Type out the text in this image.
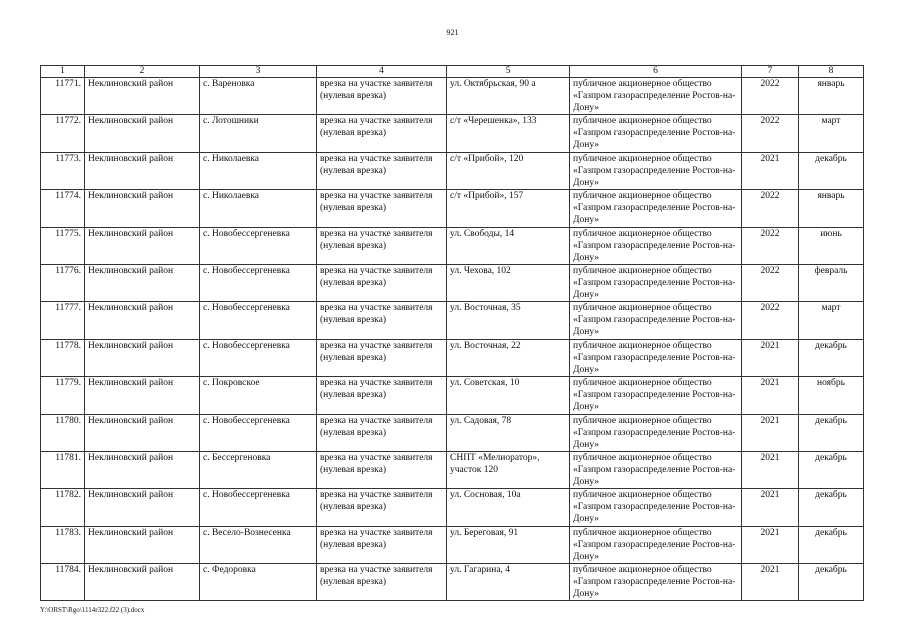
921
1	2	3	4	5	6	7	8
11771.	Неклиновский район	с. Вареновка	врезка на участке заявителя (нулевая врезка)	ул. Октябрьская, 90 а	публичное акционерное общество «Газпром газораспределение Ростов-на-Дону»	2022	январь
11772.	Неклиновский район	с. Лотошники	врезка на участке заявителя (нулевая врезка)	с/т «Черешенка», 133	публичное акционерное общество «Газпром газораспределение Ростов-на-Дону»	2022	март
11773.	Неклиновский район	с. Николаевка	врезка на участке заявителя (нулевая врезка)	с/т «Прибой», 120	публичное акционерное общество «Газпром газораспределение Ростов-на-Дону»	2021	декабрь
11774.	Неклиновский район	с. Николаевка	врезка на участке заявителя (нулевая врезка)	с/т «Прибой», 157	публичное акционерное общество «Газпром газораспределение Ростов-на-Дону»	2022	январь
11775.	Неклиновский район	с. Новобессергеневка	врезка на участке заявителя (нулевая врезка)	ул. Свободы, 14	публичное акционерное общество «Газпром газораспределение Ростов-на-Дону»	2022	июнь
11776.	Неклиновский район	с. Новобессергеневка	врезка на участке заявителя (нулевая врезка)	ул. Чехова, 102	публичное акционерное общество «Газпром газораспределение Ростов-на-Дону»	2022	февраль
11777.	Неклиновский район	с. Новобессергеневка	врезка на участке заявителя (нулевая врезка)	ул. Восточная, 35	публичное акционерное общество «Газпром газораспределение Ростов-на-Дону»	2022	март
11778.	Неклиновский район	с. Новобессергеневка	врезка на участке заявителя (нулевая врезка)	ул. Восточная, 22	публичное акционерное общество «Газпром газораспределение Ростов-на-Дону»	2021	декабрь
11779.	Неклиновский район	с. Покровское	врезка на участке заявителя (нулевая врезка)	ул. Советская, 10	публичное акционерное общество «Газпром газораспределение Ростов-на-Дону»	2021	ноябрь
11780.	Неклиновский район	с. Новобессергеневка	врезка на участке заявителя (нулевая врезка)	ул. Садовая, 78	публичное акционерное общество «Газпром газораспределение Ростов-на-Дону»	2021	декабрь
11781.	Неклиновский район	с. Бессергеновка	врезка на участке заявителя (нулевая врезка)	СНПТ «Мелиоратор», участок 120	публичное акционерное общество «Газпром газораспределение Ростов-на-Дону»	2021	декабрь
11782.	Неклиновский район	с. Новобессергеневка	врезка на участке заявителя (нулевая врезка)	ул. Сосновая, 10а	публичное акционерное общество «Газпром газораспределение Ростов-на-Дону»	2021	декабрь
11783.	Неклиновский район	с. Весело-Вознесенка	врезка на участке заявителя (нулевая врезка)	ул. Береговая, 91	публичное акционерное общество «Газпром газораспределение Ростов-на-Дону»	2021	декабрь
11784.	Неклиновский район	с. Федоровка	врезка на участке заявителя (нулевая врезка)	ул. Гагарина, 4	публичное акционерное общество «Газпром газораспределение Ростов-на-Дону»	2021	декабрь
Y:\ORST\Rgo\1114r322.f22 (3).docx
